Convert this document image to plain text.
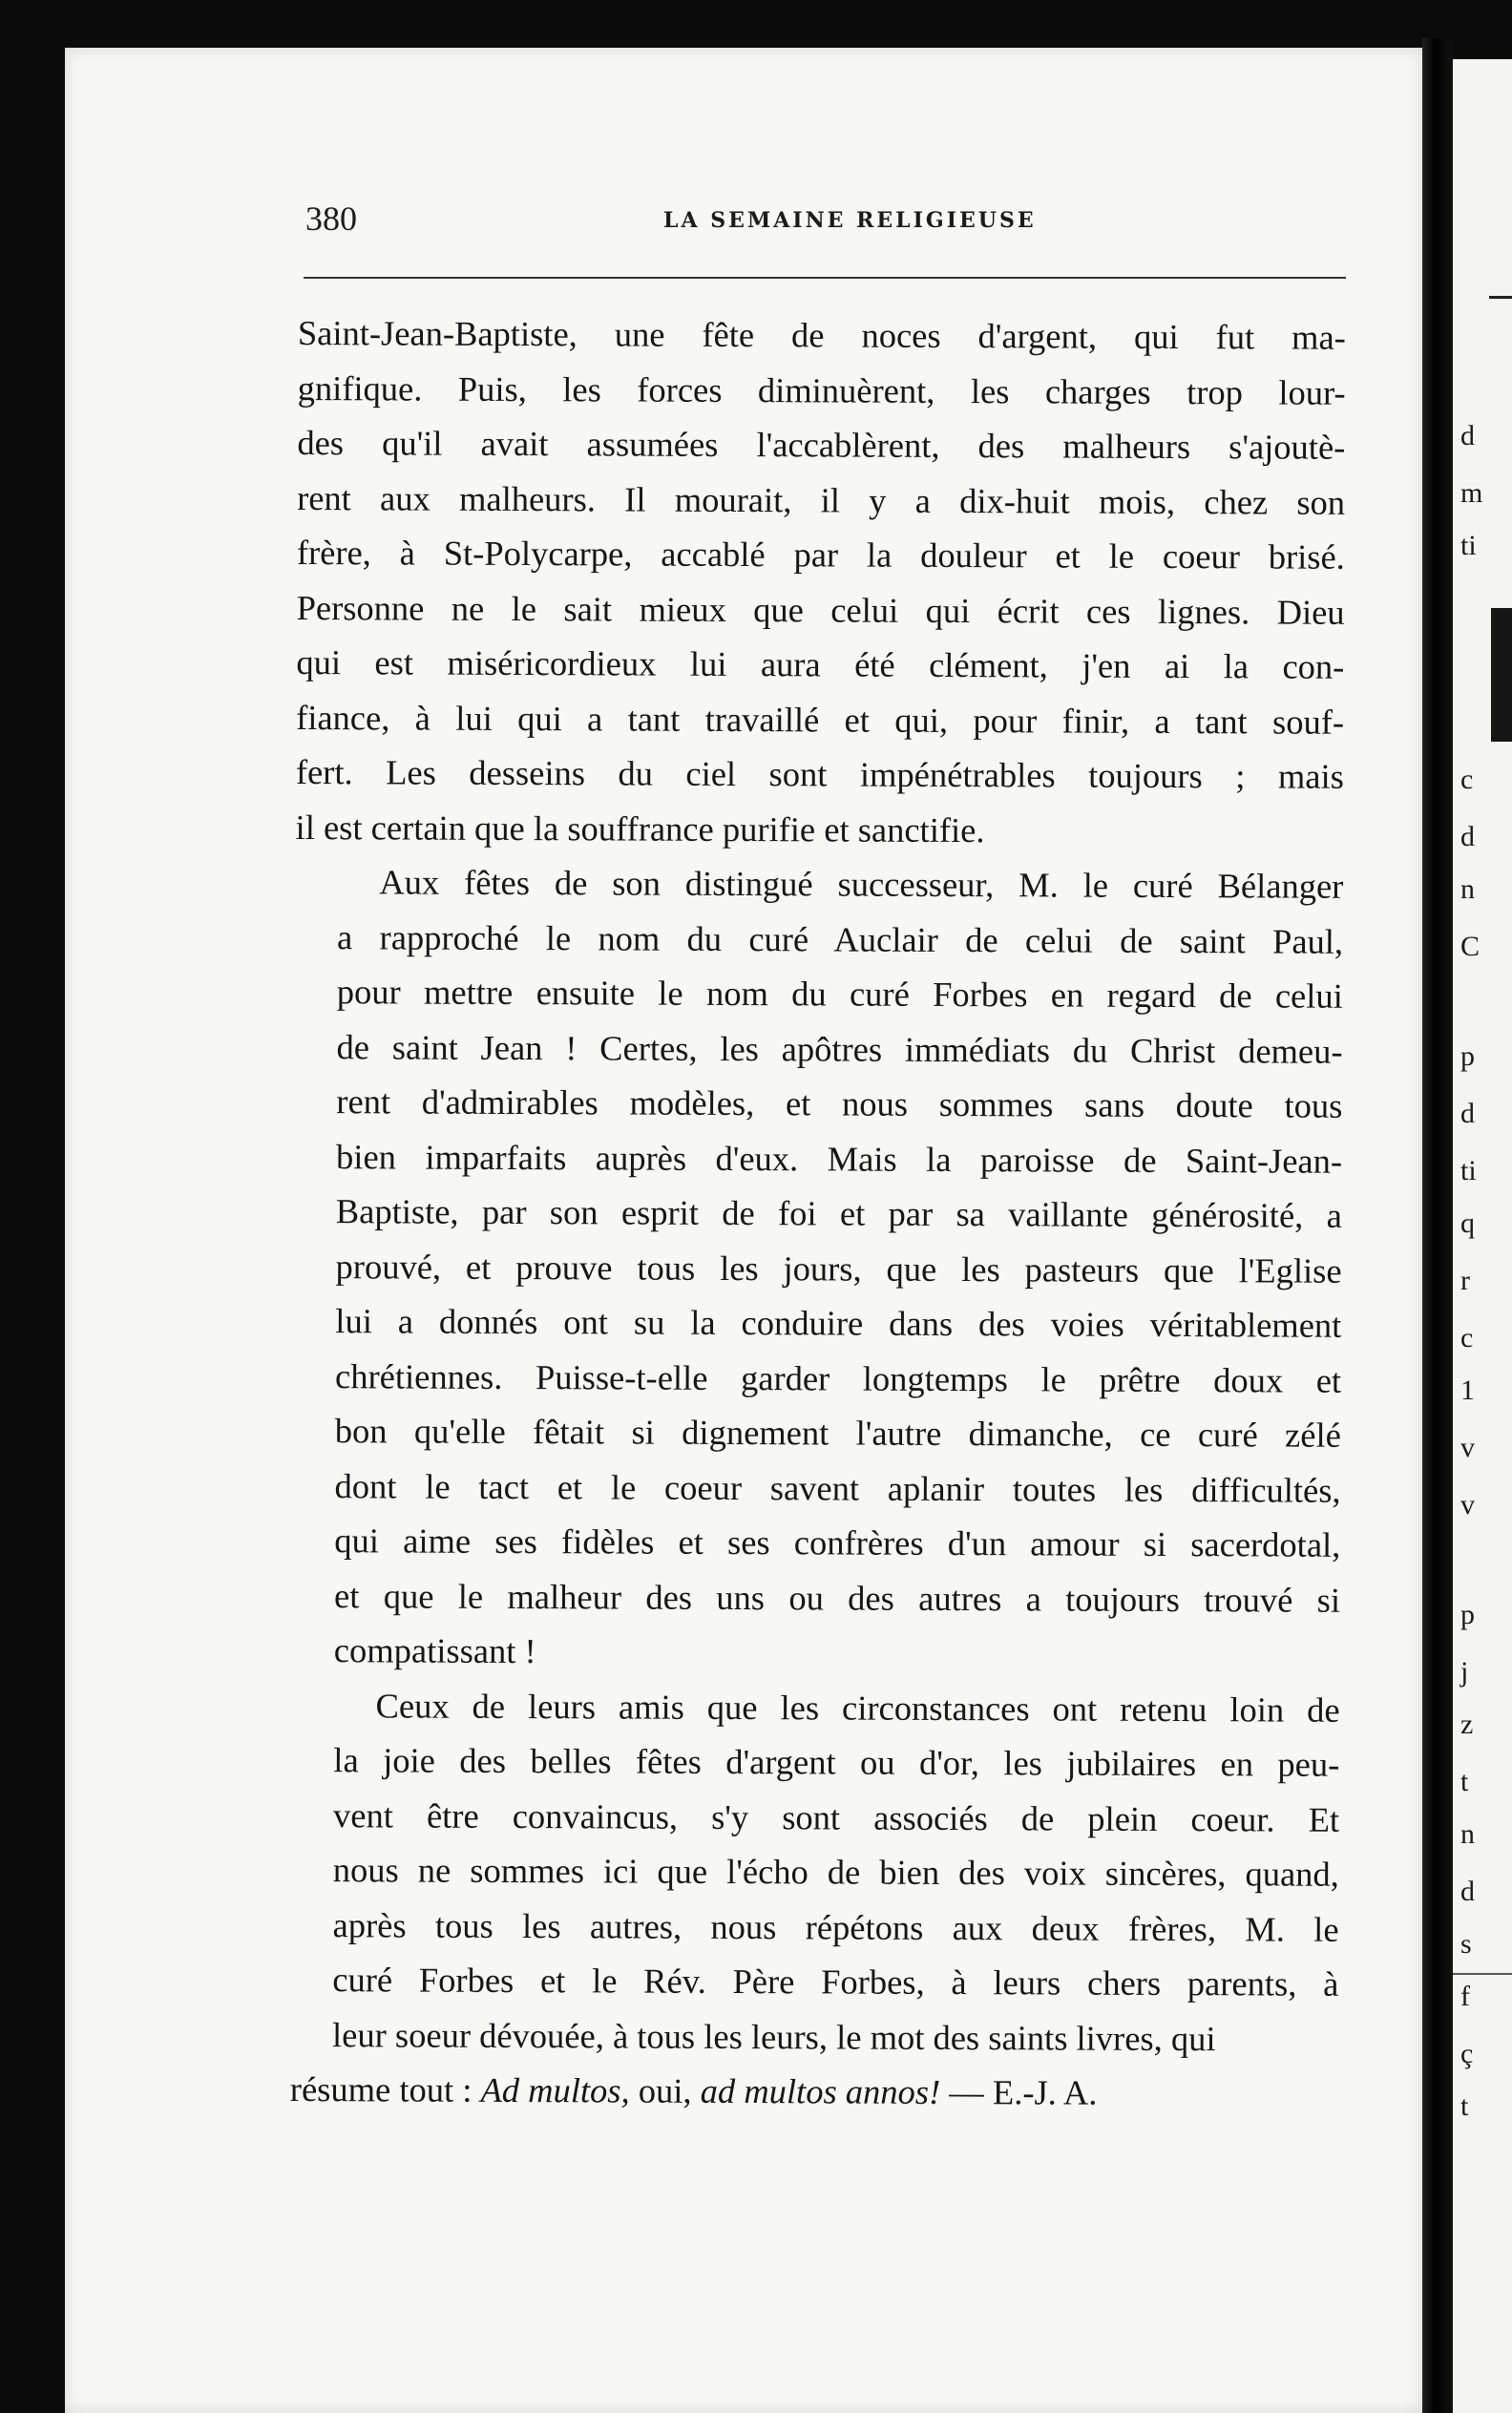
d
m
ti
c
d
n
C
p
d
ti
q
r
c
1
v
v
p
j
z
t
n
d
s
f
ç
t
380	LA SEMAINE RELIGIEUSE

Saint-Jean-Baptiste, une fête de noces d'argent, qui fut ma-
gnifique. Puis, les forces diminuèrent, les charges trop lour-
des qu'il avait assumées l'accablèrent, des malheurs s'ajoutè-
rent aux malheurs. Il mourait, il y a dix-huit mois, chez son
frère, à St-Polycarpe, accablé par la douleur et le coeur brisé.
Personne ne le sait mieux que celui qui écrit ces lignes. Dieu
qui est miséricordieux lui aura été clément, j'en ai la con-
fiance, à lui qui a tant travaillé et qui, pour finir, a tant souf-
fert. Les desseins du ciel sont impénétrables toujours ; mais
il est certain que la souffrance purifie et sanctifie.

Aux fêtes de son distingué successeur, M. le curé Bélanger
a rapproché le nom du curé Auclair de celui de saint Paul,
pour mettre ensuite le nom du curé Forbes en regard de celui
de saint Jean ! Certes, les apôtres immédiats du Christ demeu-
rent d'admirables modèles, et nous sommes sans doute tous
bien imparfaits auprès d'eux. Mais la paroisse de Saint-Jean-
Baptiste, par son esprit de foi et par sa vaillante générosité, a
prouvé, et prouve tous les jours, que les pasteurs que l'Eglise
lui a donnés ont su la conduire dans des voies véritablement
chrétiennes. Puisse-t-elle garder longtemps le prêtre doux et
bon qu'elle fêtait si dignement l'autre dimanche, ce curé zélé
dont le tact et le coeur savent aplanir toutes les difficultés,
qui aime ses fidèles et ses confrères d'un amour si sacerdotal,
et que le malheur des uns ou des autres a toujours trouvé si
compatissant !

Ceux de leurs amis que les circonstances ont retenu loin de
la joie des belles fêtes d'argent ou d'or, les jubilaires en peu-
vent être convaincus, s'y sont associés de plein coeur. Et
nous ne sommes ici que l'écho de bien des voix sincères, quand,
après tous les autres, nous répétons aux deux frères, M. le
curé Forbes et le Rév. Père Forbes, à leurs chers parents, à
leur soeur dévouée, à tous les leurs, le mot des saints livres, qui

résume tout : Ad multos, oui, ad multos annos! — E.-J. A.
